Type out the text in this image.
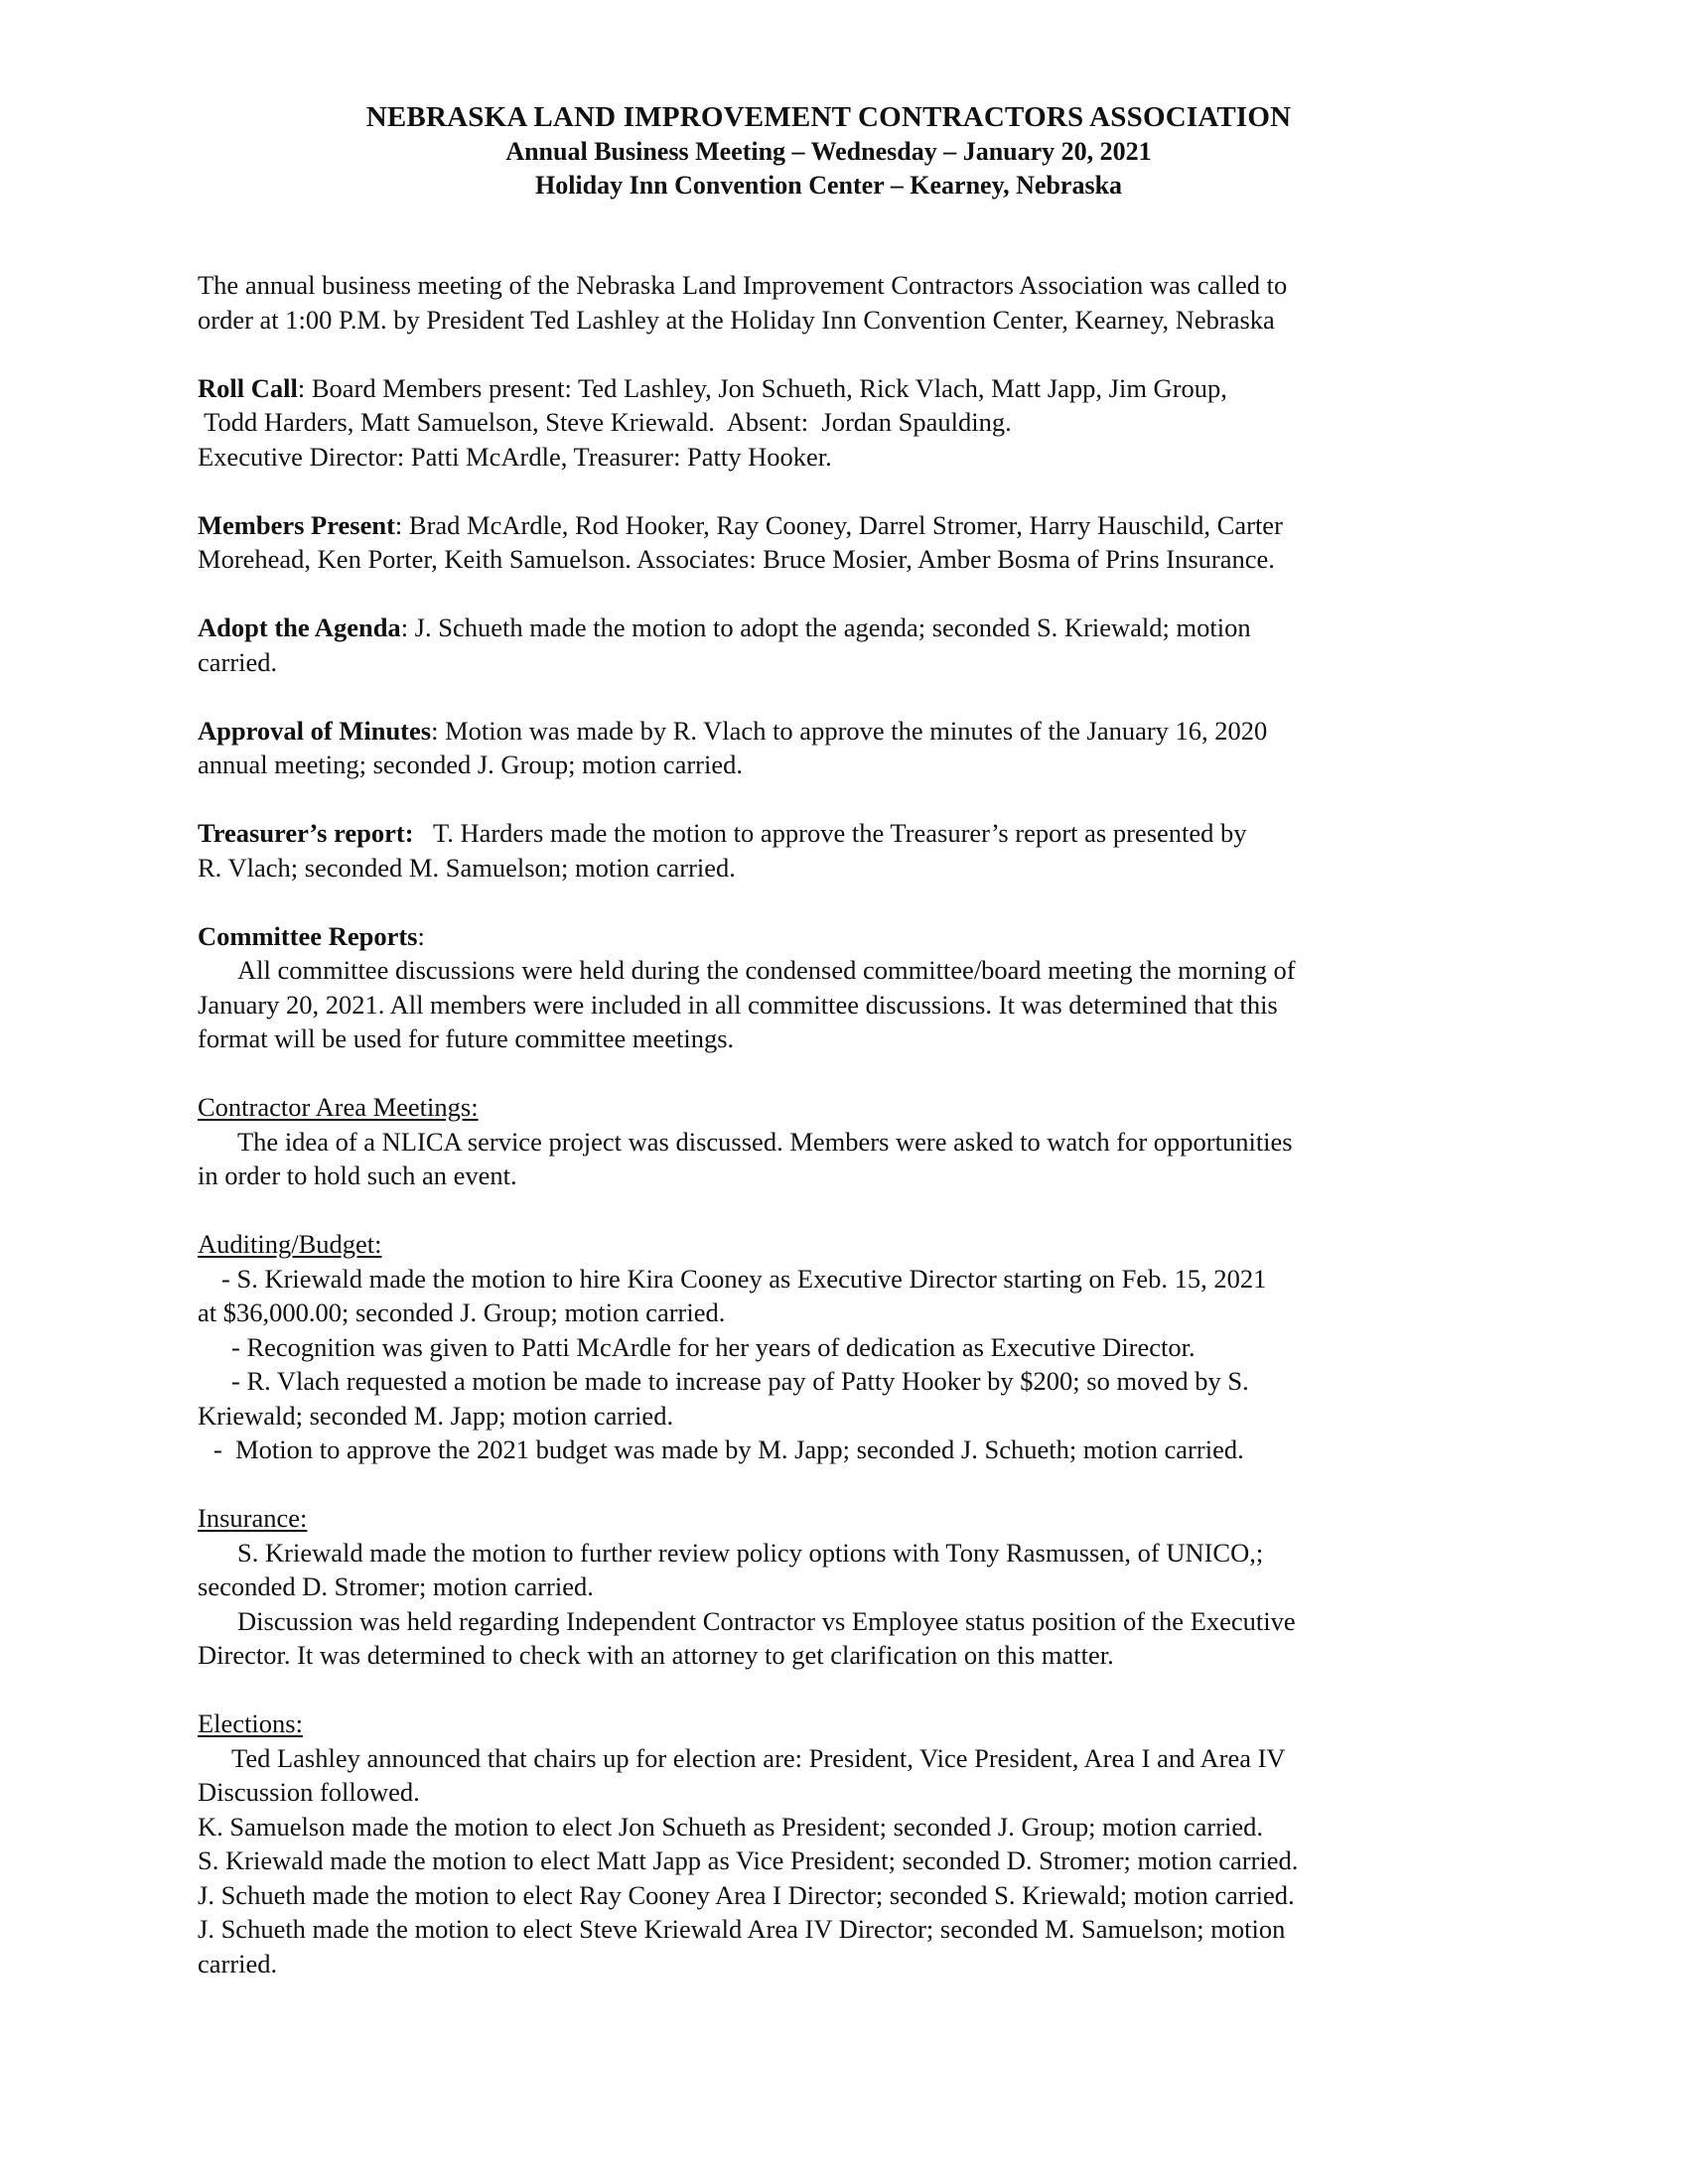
NEBRASKA LAND IMPROVEMENT CONTRACTORS ASSOCIATION
Annual Business Meeting – Wednesday – January 20, 2021
Holiday Inn Convention Center – Kearney, Nebraska
The annual business meeting of the Nebraska Land Improvement Contractors Association was called to
order at 1:00 P.M. by President Ted Lashley at the Holiday Inn Convention Center, Kearney, Nebraska
Roll Call: Board Members present: Ted Lashley, Jon Schueth, Rick Vlach, Matt Japp, Jim Group,
Todd Harders, Matt Samuelson, Steve Kriewald.  Absent:  Jordan Spaulding.
Executive Director: Patti McArdle, Treasurer: Patty Hooker.
Members Present: Brad McArdle, Rod Hooker, Ray Cooney, Darrel Stromer, Harry Hauschild, Carter
Morehead, Ken Porter, Keith Samuelson. Associates: Bruce Mosier, Amber Bosma of Prins Insurance.
Adopt the Agenda: J. Schueth made the motion to adopt the agenda; seconded S. Kriewald; motion
carried.
Approval of Minutes: Motion was made by R. Vlach to approve the minutes of the January 16, 2020
annual meeting; seconded J. Group; motion carried.
Treasurer’s report:   T. Harders made the motion to approve the Treasurer’s report as presented by
R. Vlach; seconded M. Samuelson; motion carried.
Committee Reports:
All committee discussions were held during the condensed committee/board meeting the morning of
January 20, 2021. All members were included in all committee discussions. It was determined that this
format will be used for future committee meetings.
Contractor Area Meetings:
The idea of a NLICA service project was discussed. Members were asked to watch for opportunities
in order to hold such an event.
Auditing/Budget:
- S. Kriewald made the motion to hire Kira Cooney as Executive Director starting on Feb. 15, 2021
at $36,000.00; seconded J. Group; motion carried.
- Recognition was given to Patti McArdle for her years of dedication as Executive Director.
- R. Vlach requested a motion be made to increase pay of Patty Hooker by $200; so moved by S.
Kriewald; seconded M. Japp; motion carried.
-  Motion to approve the 2021 budget was made by M. Japp; seconded J. Schueth; motion carried.
Insurance:
S. Kriewald made the motion to further review policy options with Tony Rasmussen, of UNICO,;
seconded D. Stromer; motion carried.
Discussion was held regarding Independent Contractor vs Employee status position of the Executive
Director. It was determined to check with an attorney to get clarification on this matter.
Elections:
Ted Lashley announced that chairs up for election are: President, Vice President, Area I and Area IV
Discussion followed.
K. Samuelson made the motion to elect Jon Schueth as President; seconded J. Group; motion carried.
S. Kriewald made the motion to elect Matt Japp as Vice President; seconded D. Stromer; motion carried.
J. Schueth made the motion to elect Ray Cooney Area I Director; seconded S. Kriewald; motion carried.
J. Schueth made the motion to elect Steve Kriewald Area IV Director; seconded M. Samuelson; motion
carried.
